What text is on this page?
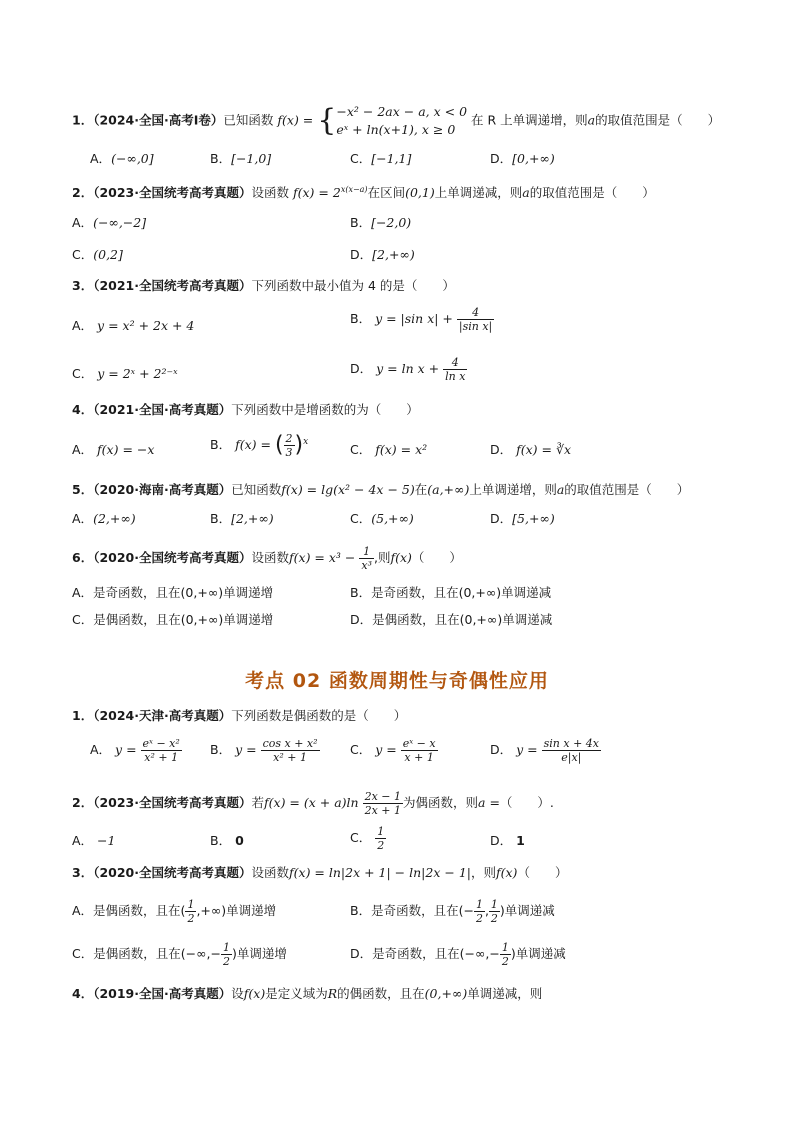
1．（2024·全国·高考Ⅰ卷）已知函数 f(x) = { −x² − 2ax − a, x < 0
eˣ + ln(x+1), x ≥ 0
在 R 上单调递增，则a的取值范围是（　　）
A．(−∞,0]	B．[−1,0]	C．[−1,1]	D．[0,+∞)
2．（2023·全国统考高考真题）设函数 $f(x) = 2^{x(x-a)}$在区间(0,1)上单调递减，则a的取值范围是（　　）
A．(−∞,−2]	B．[−2,0)
C．(0,2]	D．[2,+∞)
3．（2021·全国统考高考真题）下列函数中最小值为 4 的是（　　）
A． y = x² + 2x + 4	B． y = |sin $x| + \frac{4}{\text{|sin x|}}$
C． y = 2ˣ + 2²⁻ˣ	D． $y = \ln x + \frac{4}{\text{ln x}}$
4．（2021·全国·高考真题）下列函数中是增函数的为（　　）
A． f(x) = −x	B． f(x) = ( $\frac{2}{3} )^x$
C． f(x) = x²	D． f(x) = ∛x
5．（2020·海南·高考真题）已知函数f(x) = lg(x² − 4x − 5)在(a,+∞)上单调递增，则a的取值范围是（　　）
A．(2,+∞)	B．[2,+∞)	C．(5,+∞)	D．[5,+∞)
6．（2020·全国统考高考真题）设函数$f(x) = x^3 - \frac{1}{\text{x³}}$ ,则f(x)（　　）
A．是奇函数，且在(0,+∞)单调递增	B．是奇函数，且在(0,+∞)单调递减
C．是偶函数，且在(0,+∞)单调递增	D．是偶函数，且在(0,+∞)单调递减
考点 02 函数周期性与奇偶性应用
1．（2024·天津·高考真题）下列函数是偶函数的是（　　）
A． $y = \frac{\text{eˣ − x²}}{\text{x² + 1}}$ B． $y = \frac{\text{cos x + x²}}{\text{x² + 1}}$ C． $y = \frac{\text{eˣ − x}}{x + 1}$	D． $y = \frac{\text{sin x + 4x}}{e|x|}$
2．（2023·全国统考高考真题）若$f(x) = (x + a)\ln \frac{2x - 1}{2x + 1}$ 为偶函数，则a =（　　）.
A． −1	B． 0	C． $\frac{1}{2}$	D． 1
3．（2020·全国统考高考真题）设函数f(x) = ln|2x + 1| − ln|2x − 1|，则f(x)（　　）
A．是偶函数，且在( $\frac{1}{2}$ ,+∞)单调递增	B．是奇函数，且在(− $\frac{1}{2}$ , $\frac{1}{2}$ )单调递减
C．是偶函数，且在(−∞,− $\frac{1}{2}$ )单调递增	D．是奇函数，且在(−∞,− $\frac{1}{2}$ )单调递减
4．（2019·全国·高考真题）设f(x)是定义域为R的偶函数，且在(0,+∞)单调递减，则
